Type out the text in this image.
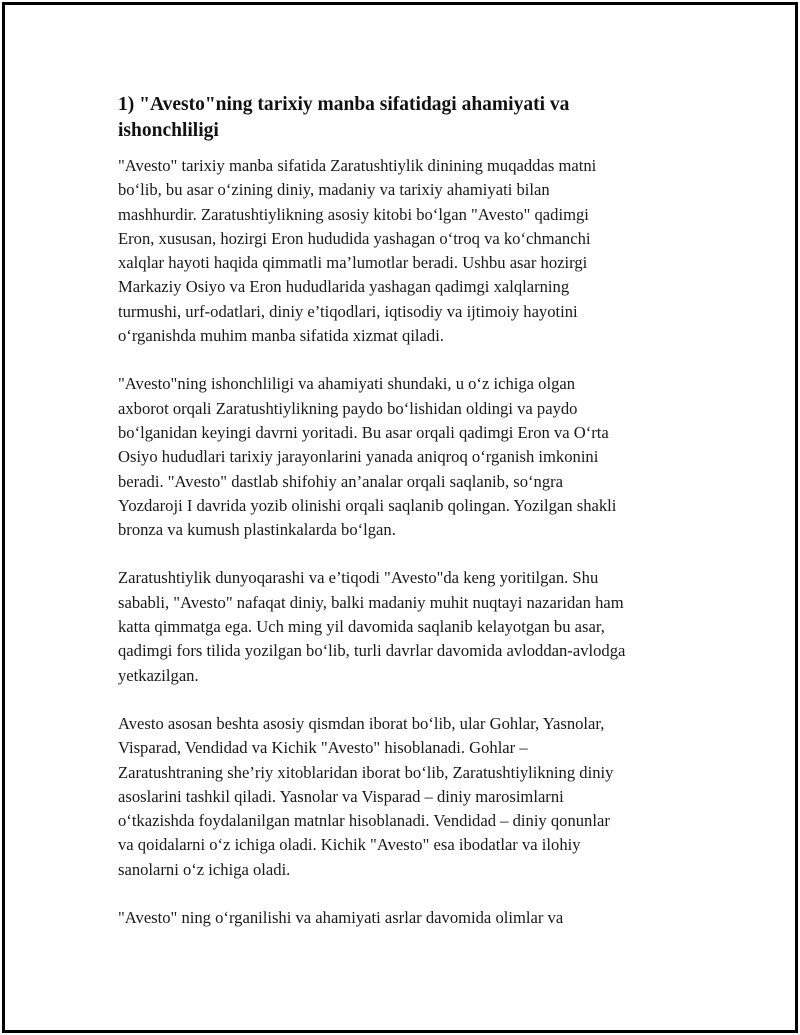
1) "Avesto"ning tarixiy manba sifatidagi ahamiyati va
ishonchliligi
"Avesto" tarixiy manba sifatida Zaratushtiylik dinining muqaddas matni
bo‘lib, bu asar o‘zining diniy, madaniy va tarixiy ahamiyati bilan
mashhurdir. Zaratushtiylikning asosiy kitobi bo‘lgan "Avesto" qadimgi
Eron, xususan, hozirgi Eron hududida yashagan o‘troq va ko‘chmanchi
xalqlar hayoti haqida qimmatli ma’lumotlar beradi. Ushbu asar hozirgi
Markaziy Osiyo va Eron hududlarida yashagan qadimgi xalqlarning
turmushi, urf-odatlari, diniy e’tiqodlari, iqtisodiy va ijtimoiy hayotini
o‘rganishda muhim manba sifatida xizmat qiladi.
"Avesto"ning ishonchliligi va ahamiyati shundaki, u o‘z ichiga olgan
axborot orqali Zaratushtiylikning paydo bo‘lishidan oldingi va paydo
bo‘lganidan keyingi davrni yoritadi. Bu asar orqali qadimgi Eron va O‘rta
Osiyo hududlari tarixiy jarayonlarini yanada aniqroq o‘rganish imkonini
beradi. "Avesto" dastlab shifohiy an’analar orqali saqlanib, so‘ngra
Yozdaroji I davrida yozib olinishi orqali saqlanib qolingan. Yozilgan shakli
bronza va kumush plastinkalarda bo‘lgan.
Zaratushtiylik dunyoqarashi va e’tiqodi "Avesto"da keng yoritilgan. Shu
sababli, "Avesto" nafaqat diniy, balki madaniy muhit nuqtayi nazaridan ham
katta qimmatga ega. Uch ming yil davomida saqlanib kelayotgan bu asar,
qadimgi fors tilida yozilgan bo‘lib, turli davrlar davomida avloddan-avlodga
yetkazilgan.
Avesto asosan beshta asosiy qismdan iborat bo‘lib, ular Gohlar, Yasnolar,
Visparad, Vendidad va Kichik "Avesto" hisoblanadi. Gohlar –
Zaratushtraning she’riy xitoblaridan iborat bo‘lib, Zaratushtiylikning diniy
asoslarini tashkil qiladi. Yasnolar va Visparad – diniy marosimlarni
o‘tkazishda foydalanilgan matnlar hisoblanadi. Vendidad – diniy qonunlar
va qoidalarni o‘z ichiga oladi. Kichik "Avesto" esa ibodatlar va ilohiy
sanolarni o‘z ichiga oladi.
"Avesto" ning o‘rganilishi va ahamiyati asrlar davomida olimlar va
